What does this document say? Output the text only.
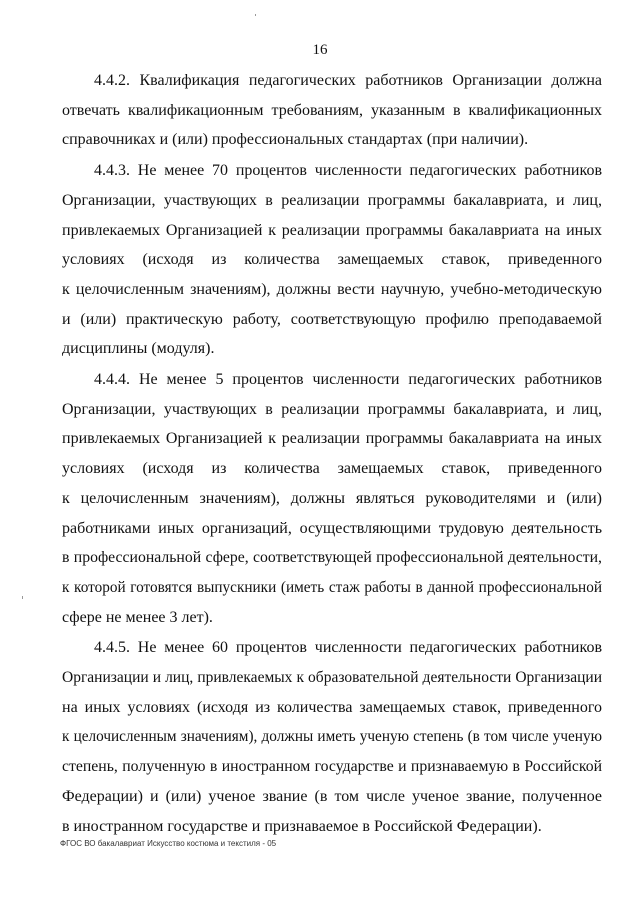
16
4.4.2. Квалификация педагогических работников Организации должна
отвечать квалификационным требованиям, указанным в квалификационных
справочниках и (или) профессиональных стандартах (при наличии).
4.4.3. Не менее 70 процентов численности педагогических работников
Организации, участвующих в реализации программы бакалавриата, и лиц,
привлекаемых Организацией к реализации программы бакалавриата на иных
условиях (исходя из количества замещаемых ставок, приведенного
к целочисленным значениям), должны вести научную, учебно-методическую
и (или) практическую работу, соответствующую профилю преподаваемой
дисциплины (модуля).
4.4.4. Не менее 5 процентов численности педагогических работников
Организации, участвующих в реализации программы бакалавриата, и лиц,
привлекаемых Организацией к реализации программы бакалавриата на иных
условиях (исходя из количества замещаемых ставок, приведенного
к целочисленным значениям), должны являться руководителями и (или)
работниками иных организаций, осуществляющими трудовую деятельность
в профессиональной сфере, соответствующей профессиональной деятельности,
к которой готовятся выпускники (иметь стаж работы в данной профессиональной
сфере не менее 3 лет).
4.4.5. Не менее 60 процентов численности педагогических работников
Организации и лиц, привлекаемых к образовательной деятельности Организации
на иных условиях (исходя из количества замещаемых ставок, приведенного
к целочисленным значениям), должны иметь ученую степень (в том числе ученую
степень, полученную в иностранном государстве и признаваемую в Российской
Федерации) и (или) ученое звание (в том числе ученое звание, полученное
в иностранном государстве и признаваемое в Российской Федерации).
ФГОС ВО бакалавриат Искусство костюма и текстиля - 05
